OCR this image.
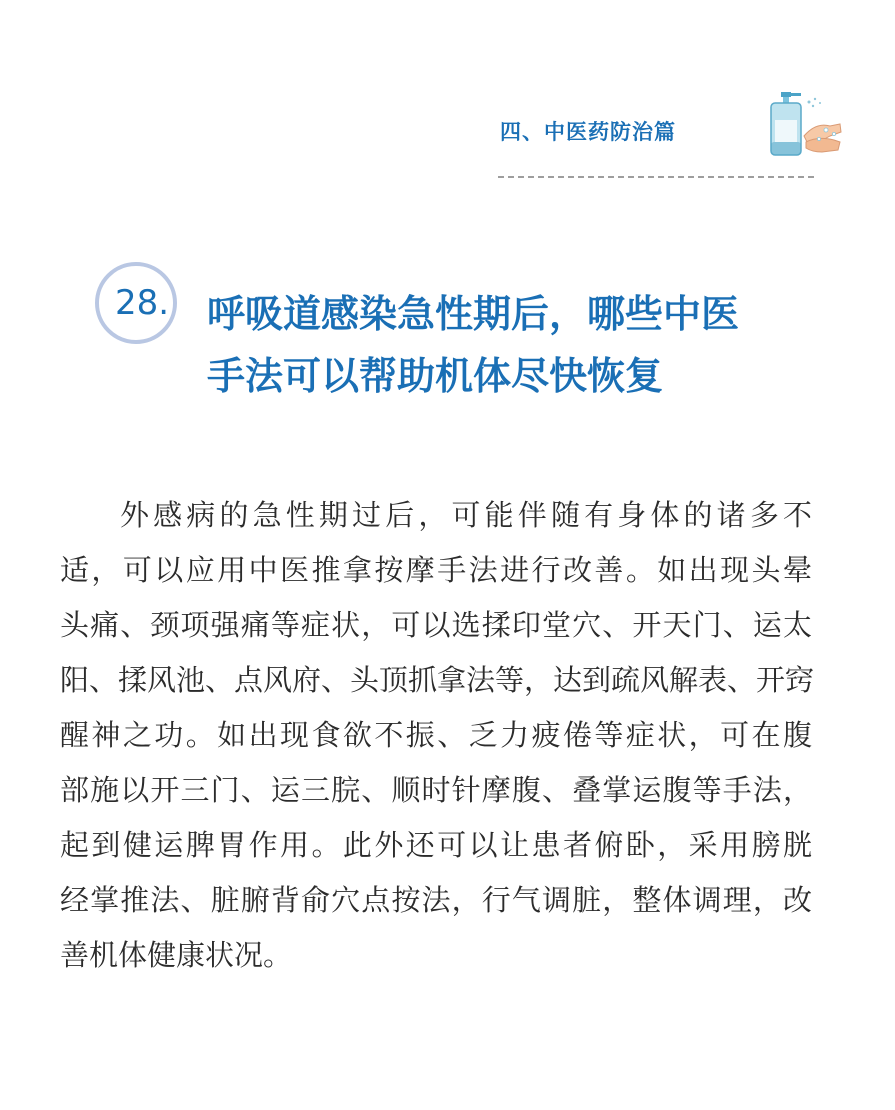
四、中医药防治篇
28. 呼吸道感染急性期后，哪些中医
手法可以帮助机体尽快恢复
外感病的急性期过后，可能伴随有身体的诸多不
适，可以应用中医推拿按摩手法进行改善。如出现头晕
头痛、颈项强痛等症状，可以选揉印堂穴、开天门、运太
阳、揉风池、点风府、头顶抓拿法等，达到疏风解表、开窍
醒神之功。如出现食欲不振、乏力疲倦等症状，可在腹
部施以开三门、运三脘、顺时针摩腹、叠掌运腹等手法，
起到健运脾胃作用。此外还可以让患者俯卧，采用膀胱
经掌推法、脏腑背俞穴点按法，行气调脏，整体调理，改
善机体健康状况。
